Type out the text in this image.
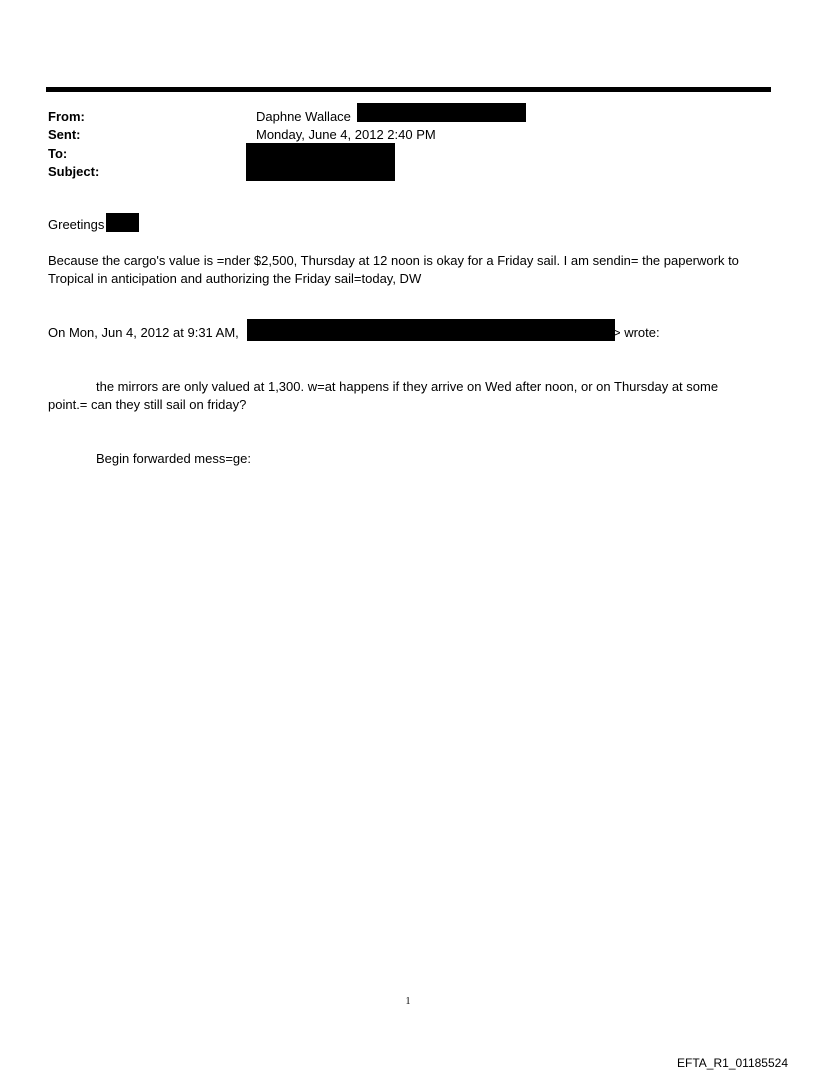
From:
Sent:
To:
Subject:
Daphne Wallace
Monday, June 4, 2012 2:40 PM
Greetings
Because the cargo's value is =nder $2,500, Thursday at 12 noon is okay for a Friday sail. I am sendin= the paperwork to
Tropical in anticipation and authorizing the Friday sail=today, DW
On Mon, Jun 4, 2012 at 9:31 AM,	> wrote:
the mirrors are only valued at 1,300. w=at happens if they arrive on Wed after noon, or on Thursday at some
point.= can they still sail on friday?
Begin forwarded mess=ge:
1
EFTA_R1_01185524
